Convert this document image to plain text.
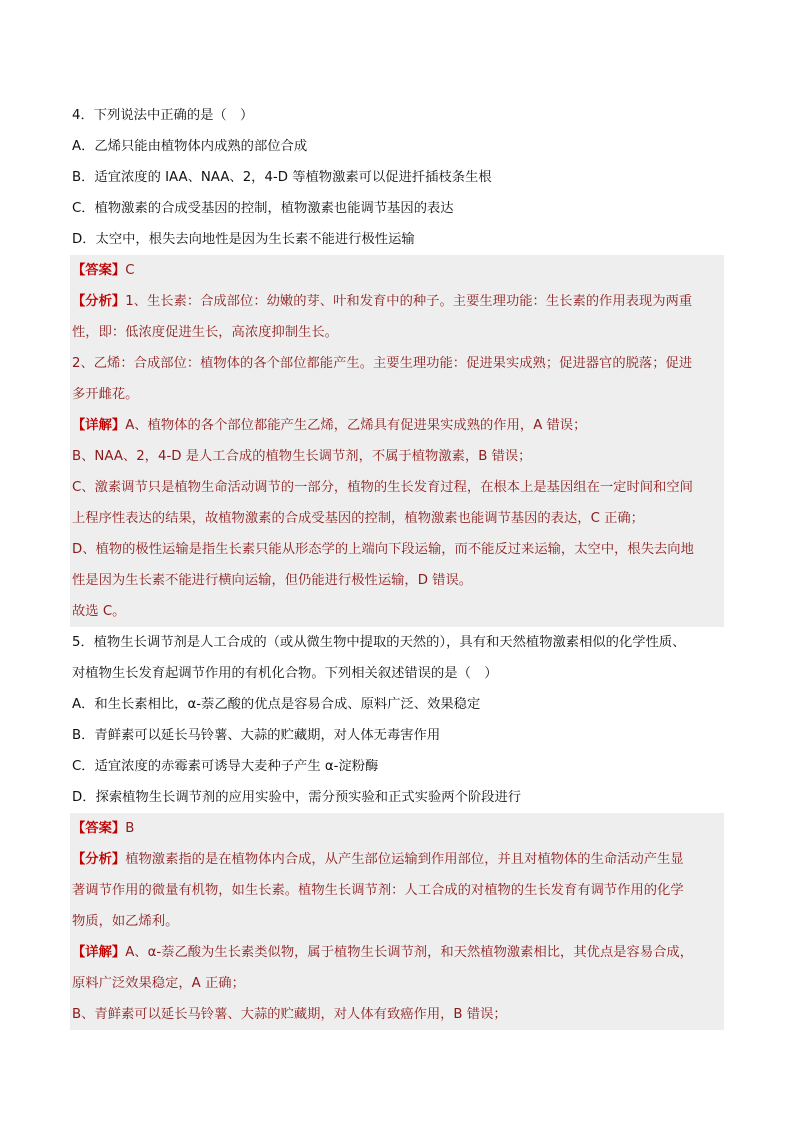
4．下列说法中正确的是（　）
A．乙烯只能由植物体内成熟的部位合成
B．适宜浓度的 IAA、NAA、2，4-D 等植物激素可以促进扦插枝条生根
C．植物激素的合成受基因的控制，植物激素也能调节基因的表达
D．太空中，根失去向地性是因为生长素不能进行极性运输
【答案】C
【分析】1、生长素：合成部位：幼嫩的芽、叶和发育中的种子。主要生理功能：生长素的作用表现为两重
性，即：低浓度促进生长，高浓度抑制生长。
2、乙烯：合成部位：植物体的各个部位都能产生。主要生理功能：促进果实成熟；促进器官的脱落；促进
多开雌花。
【详解】A、植物体的各个部位都能产生乙烯，乙烯具有促进果实成熟的作用，A 错误；
B、NAA、2，4-D 是人工合成的植物生长调节剂，不属于植物激素，B 错误；
C、激素调节只是植物生命活动调节的一部分，植物的生长发育过程，在根本上是基因组在一定时间和空间
上程序性表达的结果，故植物激素的合成受基因的控制，植物激素也能调节基因的表达，C 正确；
D、植物的极性运输是指生长素只能从形态学的上端向下段运输，而不能反过来运输，太空中，根失去向地
性是因为生长素不能进行横向运输，但仍能进行极性运输，D 错误。
故选 C。
5．植物生长调节剂是人工合成的（或从微生物中提取的天然的），具有和天然植物激素相似的化学性质、
对植物生长发育起调节作用的有机化合物。下列相关叙述错误的是（　）
A．和生长素相比，α-萘乙酸的优点是容易合成、原料广泛、效果稳定
B．青鲜素可以延长马铃薯、大蒜的贮藏期，对人体无毒害作用
C．适宜浓度的赤霉素可诱导大麦种子产生 α-淀粉酶
D．探索植物生长调节剂的应用实验中，需分预实验和正式实验两个阶段进行
【答案】B
【分析】植物激素指的是在植物体内合成，从产生部位运输到作用部位，并且对植物体的生命活动产生显
著调节作用的微量有机物，如生长素。植物生长调节剂：人工合成的对植物的生长发育有调节作用的化学
物质，如乙烯利。
【详解】A、α-萘乙酸为生长素类似物，属于植物生长调节剂，和天然植物激素相比，其优点是容易合成，
原料广泛效果稳定，A 正确；
B、青鲜素可以延长马铃薯、大蒜的贮藏期，对人体有致癌作用，B 错误；
